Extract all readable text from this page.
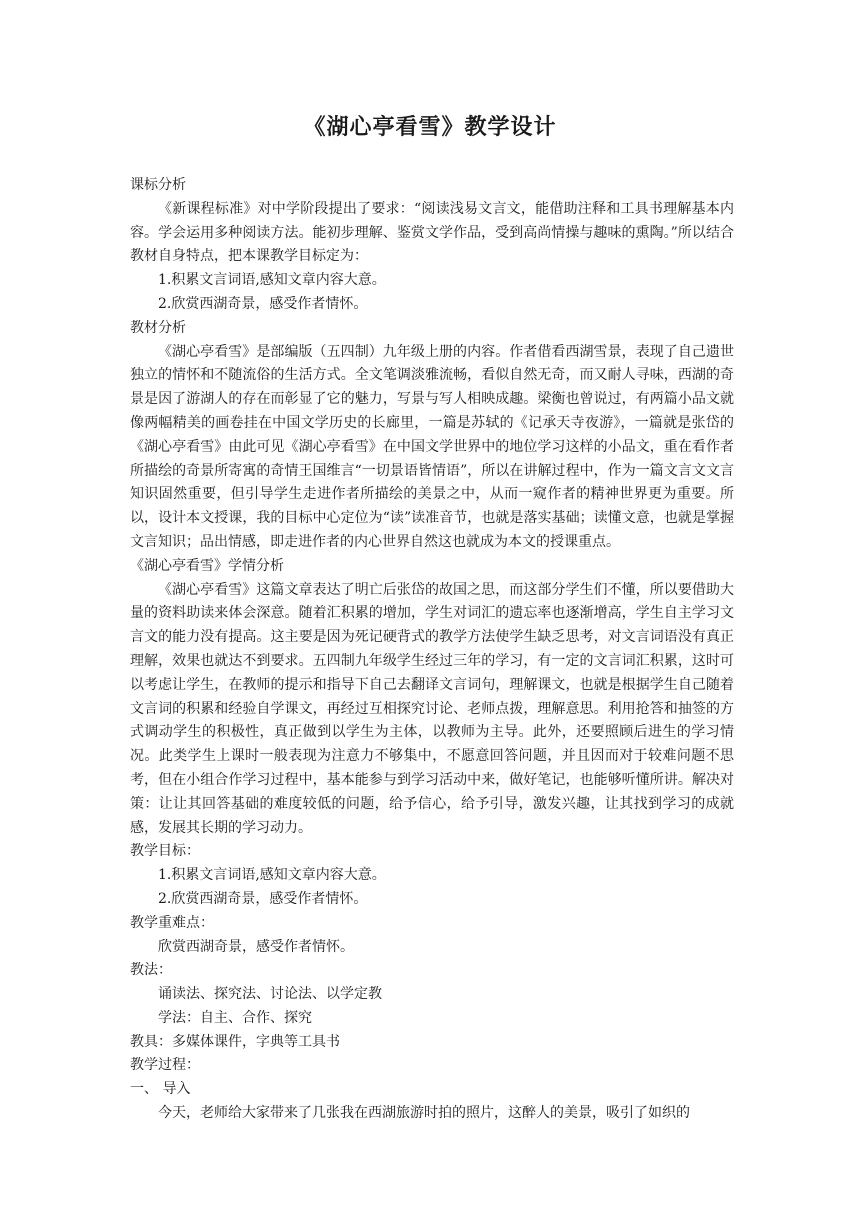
《湖心亭看雪》教学设计

课标分析

《新课程标准》对中学阶段提出了要求：“阅读浅易文言文，能借助注释和工具书理解基本内容。学会运用多种阅读方法。能初步理解、鉴赏文学作品，受到高尚情操与趣味的熏陶。”所以结合教材自身特点，把本课教学目标定为：

1.积累文言词语,感知文章内容大意。

2.欣赏西湖奇景，感受作者情怀。

教材分析

《湖心亭看雪》是部编版（五四制）九年级上册的内容。作者借看西湖雪景，表现了自己遗世独立的情怀和不随流俗的生活方式。全文笔调淡雅流畅，看似自然无奇，而又耐人寻味，西湖的奇景是因了游湖人的存在而彰显了它的魅力，写景与写人相映成趣。梁衡也曾说过，有两篇小品文就像两幅精美的画卷挂在中国文学历史的长廊里，一篇是苏轼的《记承天寺夜游》，一篇就是张岱的《湖心亭看雪》由此可见《湖心亭看雪》在中国文学世界中的地位学习这样的小品文，重在看作者所描绘的奇景所寄寓的奇情王国维言“一切景语皆情语”，所以在讲解过程中，作为一篇文言文文言知识固然重要，但引导学生走进作者所描绘的美景之中，从而一窥作者的精神世界更为重要。所以，设计本文授课，我的目标中心定位为“读”读准音节，也就是落实基础；读懂文意，也就是掌握文言知识；品出情感，即走进作者的内心世界自然这也就成为本文的授课重点。

《湖心亭看雪》学情分析

《湖心亭看雪》这篇文章表达了明亡后张岱的故国之思，而这部分学生们不懂，所以要借助大量的资料助读来体会深意。随着汇积累的增加，学生对词汇的遗忘率也逐渐增高，学生自主学习文言文的能力没有提高。这主要是因为死记硬背式的教学方法使学生缺乏思考，对文言词语没有真正理解，效果也就达不到要求。五四制九年级学生经过三年的学习，有一定的文言词汇积累，这时可以考虑让学生，在教师的提示和指导下自己去翻译文言词句，理解课文，也就是根据学生自己随着文言词的积累和经验自学课文，再经过互相探究讨论、老师点拨，理解意思。利用抢答和抽签的方式调动学生的积极性，真正做到以学生为主体，以教师为主导。此外，还要照顾后进生的学习情况。此类学生上课时一般表现为注意力不够集中，不愿意回答问题，并且因而对于较难问题不思考，但在小组合作学习过程中，基本能参与到学习活动中来，做好笔记，也能够听懂所讲。解决对策：让让其回答基础的难度较低的问题，给予信心，给予引导，激发兴趣，让其找到学习的成就感，发展其长期的学习动力。

教学目标：

1.积累文言词语,感知文章内容大意。

2.欣赏西湖奇景，感受作者情怀。

教学重难点：

欣赏西湖奇景，感受作者情怀。

教法：

诵读法、探究法、讨论法、以学定教

学法：自主、合作、探究

教具：多媒体课件，字典等工具书

教学过程：

一、 导入

今天，老师给大家带来了几张我在西湖旅游时拍的照片，这醉人的美景，吸引了如织的
